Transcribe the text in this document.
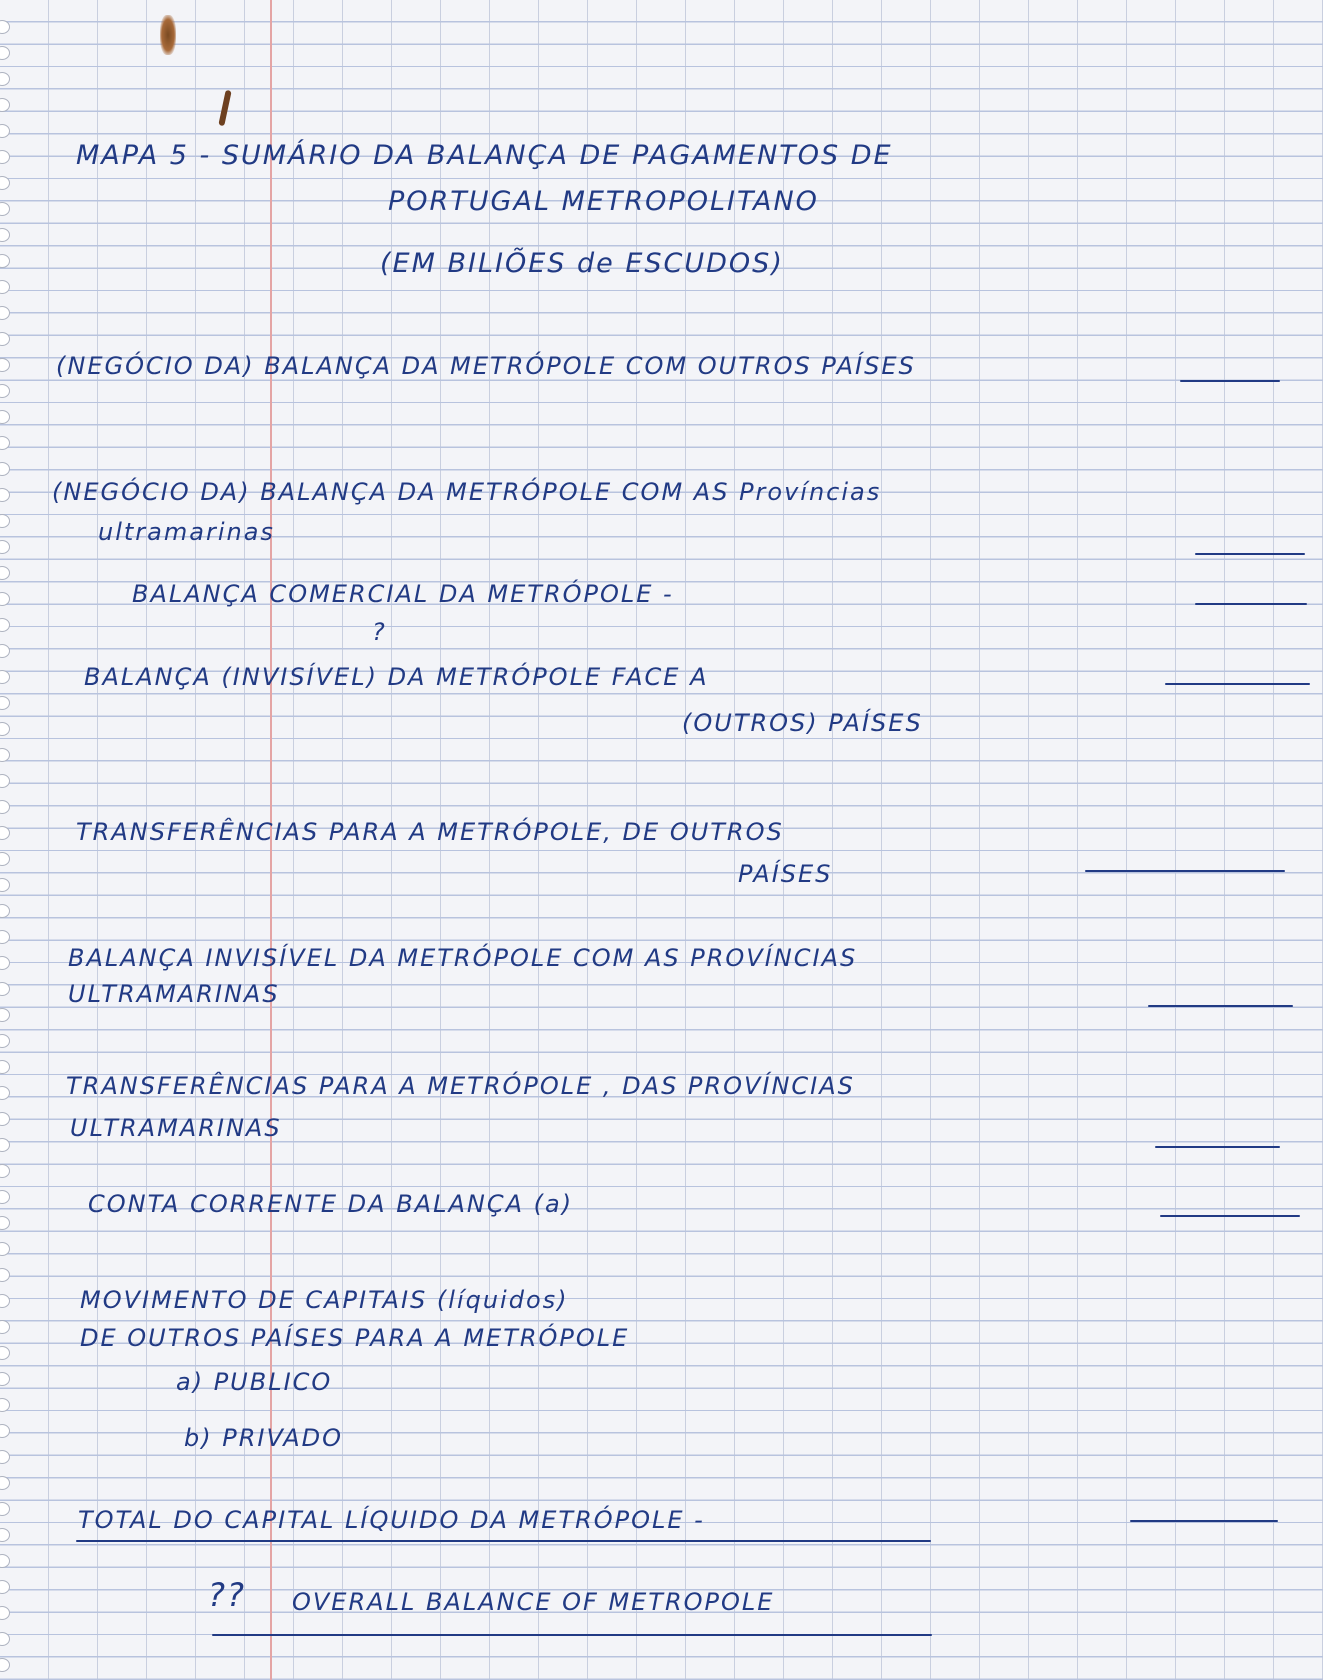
MAPA 5 - SUMÁRIO DA BALANÇA DE PAGAMENTOS DE
PORTUGAL METROPOLITANO
(EM BILIÕES de ESCUDOS)
(NEGÓCIO DA) BALANÇA DA METRÓPOLE COM OUTROS PAÍSES
(NEGÓCIO DA) BALANÇA DA METRÓPOLE COM AS Províncias
ultramarinas
BALANÇA COMERCIAL DA METRÓPOLE -
?
BALANÇA (INVISÍVEL) DA METRÓPOLE FACE A
(OUTROS) PAÍSES
TRANSFERÊNCIAS PARA A METRÓPOLE, DE OUTROS
PAÍSES
BALANÇA INVISÍVEL DA METRÓPOLE COM AS PROVÍNCIAS
ULTRAMARINAS
TRANSFERÊNCIAS PARA A METRÓPOLE , DAS PROVÍNCIAS
ULTRAMARINAS
CONTA CORRENTE DA BALANÇA (a)
MOVIMENTO DE CAPITAIS (líquidos)
DE OUTROS PAÍSES PARA A METRÓPOLE
a) PUBLICO
b) PRIVADO
TOTAL DO CAPITAL LÍQUIDO DA METRÓPOLE -
?? OVERALL BALANCE OF METROPOLE
